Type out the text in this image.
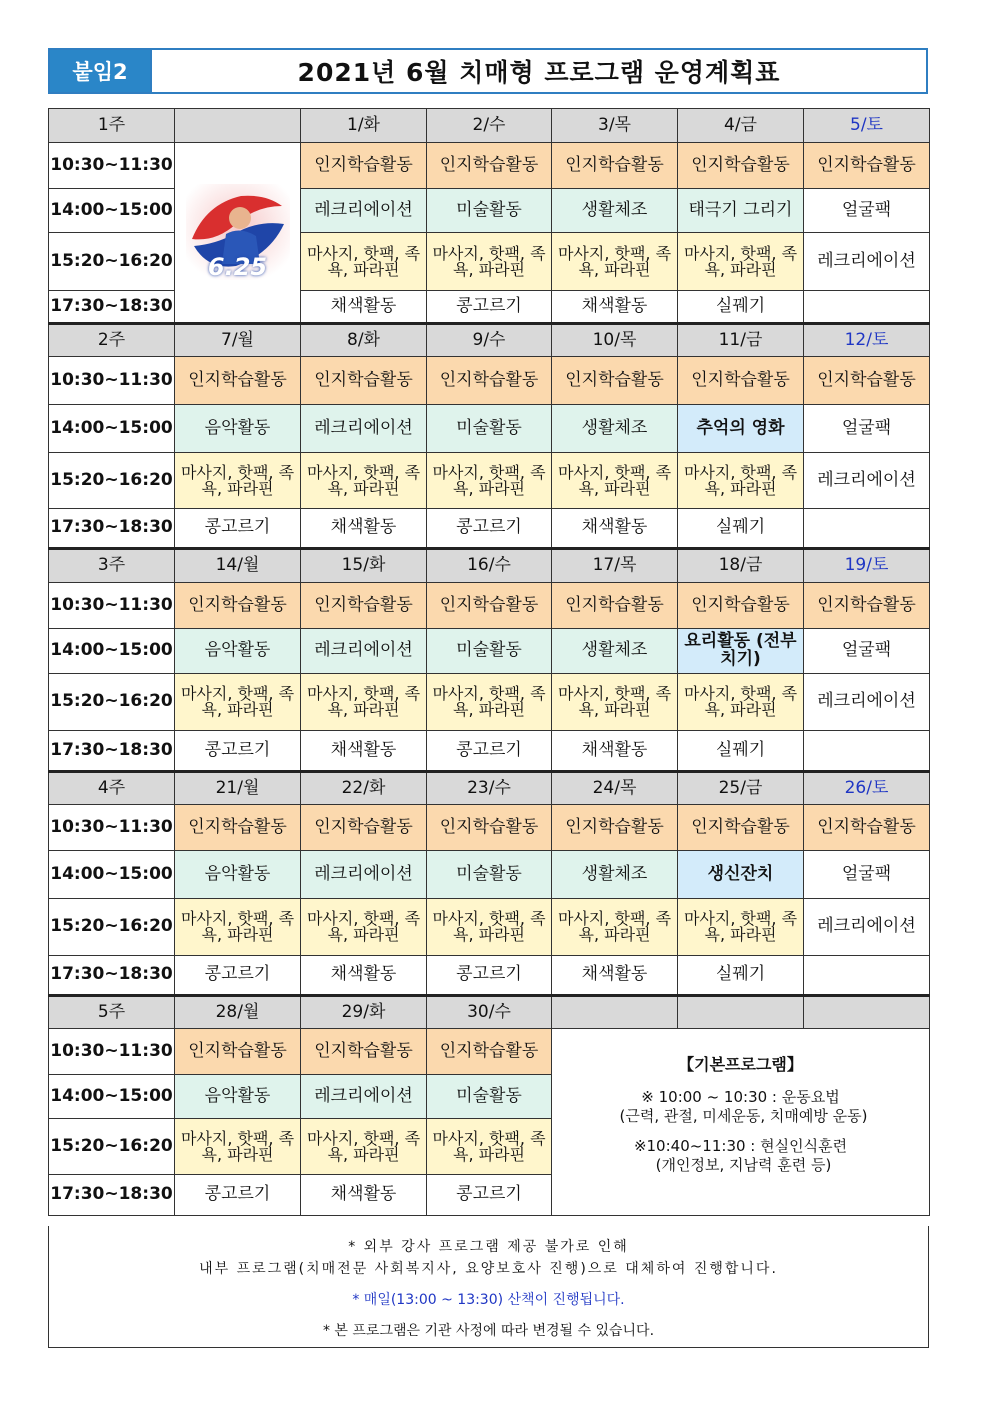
붙임2	2021년 6월 치매형 프로그램 운영계획표
1주		1/화	2/수	3/목	4/금	5/토
10:30~11:30	6.25	인지학습활동	인지학습활동	인지학습활동	인지학습활동	인지학습활동
14:00~15:00		레크리에이션	미술활동	생활체조	태극기 그리기	얼굴팩
15:20~16:20		마사지, 핫팩, 족욕, 파라핀	마사지, 핫팩, 족욕, 파라핀	마사지, 핫팩, 족욕, 파라핀	마사지, 핫팩, 족욕, 파라핀	레크리에이션
17:30~18:30		채색활동	콩고르기	채색활동	실꿰기	
2주	7/월	8/화	9/수	10/목	11/금	12/토
10:30~11:30	인지학습활동	인지학습활동	인지학습활동	인지학습활동	인지학습활동	인지학습활동
14:00~15:00	음악활동	레크리에이션	미술활동	생활체조	추억의 영화	얼굴팩
15:20~16:20	마사지, 핫팩, 족욕, 파라핀	마사지, 핫팩, 족욕, 파라핀	마사지, 핫팩, 족욕, 파라핀	마사지, 핫팩, 족욕, 파라핀	마사지, 핫팩, 족욕, 파라핀	레크리에이션
17:30~18:30	콩고르기	채색활동	콩고르기	채색활동	실꿰기	
3주	14/월	15/화	16/수	17/목	18/금	19/토
10:30~11:30	인지학습활동	인지학습활동	인지학습활동	인지학습활동	인지학습활동	인지학습활동
14:00~15:00	음악활동	레크리에이션	미술활동	생활체조	요리활동 (전부치기)	얼굴팩
15:20~16:20	마사지, 핫팩, 족욕, 파라핀	마사지, 핫팩, 족욕, 파라핀	마사지, 핫팩, 족욕, 파라핀	마사지, 핫팩, 족욕, 파라핀	마사지, 핫팩, 족욕, 파라핀	레크리에이션
17:30~18:30	콩고르기	채색활동	콩고르기	채색활동	실꿰기	
4주	21/월	22/화	23/수	24/목	25/금	26/토
10:30~11:30	인지학습활동	인지학습활동	인지학습활동	인지학습활동	인지학습활동	인지학습활동
14:00~15:00	음악활동	레크리에이션	미술활동	생활체조	생신잔치	얼굴팩
15:20~16:20	마사지, 핫팩, 족욕, 파라핀	마사지, 핫팩, 족욕, 파라핀	마사지, 핫팩, 족욕, 파라핀	마사지, 핫팩, 족욕, 파라핀	마사지, 핫팩, 족욕, 파라핀	레크리에이션
17:30~18:30	콩고르기	채색활동	콩고르기	채색활동	실꿰기	
5주	28/월	29/화	30/수			
10:30~11:30	인지학습활동	인지학습활동	인지학습활동	【기본프로그램】
※ 10:00 ~ 10:30 : 운동요법
(근력, 관절, 미세운동, 치매예방 운동)
※10:40~11:30 : 현실인식훈련
(개인정보, 지남력 훈련 등)		

14:00~15:00	음악활동	레크리에이션	미술활동			
15:20~16:20	마사지, 핫팩, 족욕, 파라핀	마사지, 핫팩, 족욕, 파라핀	마사지, 핫팩, 족욕, 파라핀			
17:30~18:30	콩고르기	채색활동	콩고르기			
* 외부 강사 프로그램 제공 불가로 인해
내부 프로그램(치매전문 사회복지사, 요양보호사 진행)으로 대체하여 진행합니다.
* 매일(13:00 ~ 13:30) 산책이 진행됩니다.
* 본 프로그램은 기관 사정에 따라 변경될 수 있습니다.
